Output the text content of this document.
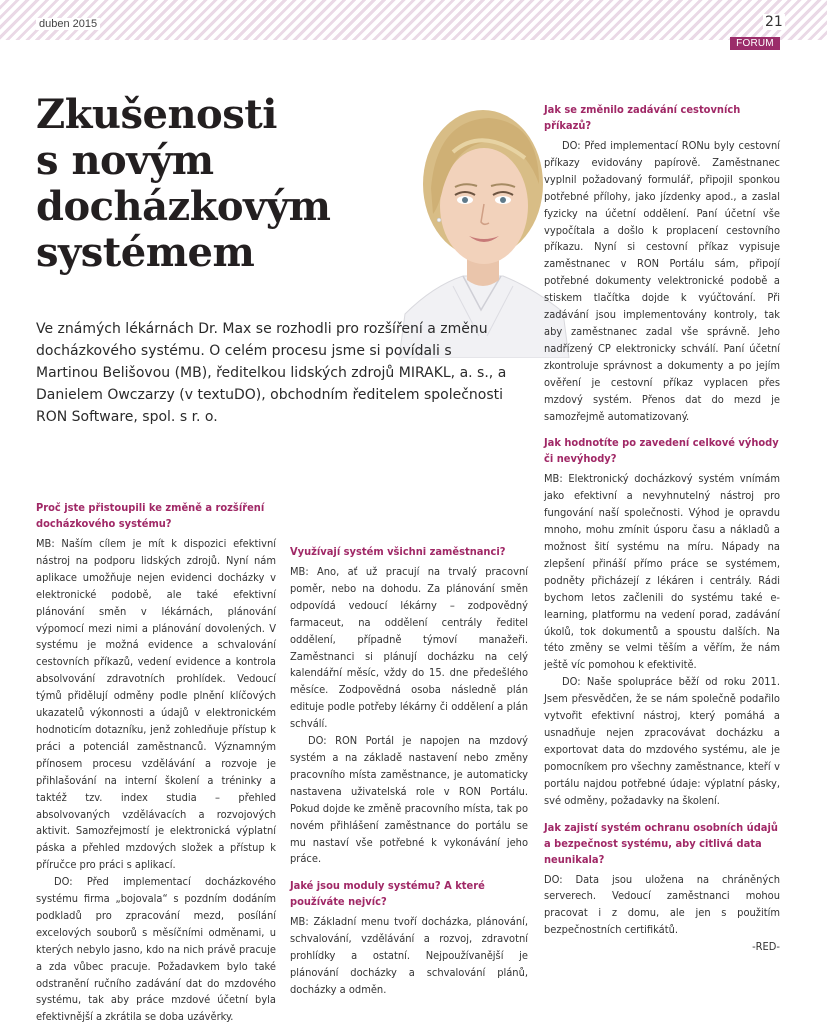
duben 2015	21
FORUM
Zkušenosti
s novým
docházkovým
systémem

Ve známých lékárnách Dr. Max se rozhodli pro rozšíření a změnu docházkového systému. O celém procesu jsme si povídali s Martinou Belišovou (MB), ředitelkou lidských zdrojů MIRAKL, a. s., a Danielem Owczarzy (v textuDO), obchodním ředitelem společnosti RON Software, spol. s r. o.

Proč jste přistoupili ke změně a rozšíření docházkového systému?

MB: Naším cílem je mít k dispozici efektivní nástroj na podporu lidských zdrojů. Nyní nám aplikace umožňuje nejen evidenci docházky v elektronické podobě, ale také efektivní plánování směn v lékárnách, plánování výpomocí mezi nimi a plánování dovolených. V systému je možná evidence a schvalování cestovních příkazů, vedení evidence a kontrola absolvování zdravotních prohlídek. Vedoucí týmů přidělují odměny podle plnění klíčových ukazatelů výkonnosti a údajů v elektronickém hodnoticím dotazníku, jenž zohledňuje přístup k práci a potenciál zaměstnanců. Významným přínosem procesu vzdělávání a rozvoje je přihlašování na interní školení a tréninky a taktéž tzv. index studia – přehled absolvovaných vzdělávacích a rozvojových aktivit. Samozřejmostí je elektronická výplatní páska a přehled mzdových složek a přístup k příručce pro práci s aplikací.

DO: Před implementací docházkového systému firma „bojovala“ s pozdním dodáním podkladů pro zpracování mezd, posílání excelových souborů s měsíčními odměnami, u kterých nebylo jasno, kdo na nich právě pracuje a zda vůbec pracuje. Požadavkem bylo také odstranění ručního zadávání dat do mzdového systému, tak aby práce mzdové účetní byla efektivnější a zkrátila se doba uzávěrky.

Využívají systém všichni zaměstnanci?

MB: Ano, ať už pracují na trvalý pracovní poměr, nebo na dohodu. Za plánování směn odpovídá vedoucí lékárny – zodpovědný farmaceut, na oddělení centrály ředitel oddělení, případně týmoví manažeři. Zaměstnanci si plánují docházku na celý kalendářní měsíc, vždy do 15. dne předešlého měsíce. Zodpovědná osoba následně plán edituje podle potřeby lékárny či oddělení a plán schválí.

DO: RON Portál je napojen na mzdový systém a na základě nastavení nebo změny pracovního místa zaměstnance, je automaticky nastavena uživatelská role v RON Portálu. Pokud dojde ke změně pracovního místa, tak po novém přihlášení zaměstnance do portálu se mu nastaví vše potřebné k vykonávání jeho práce.

Jaké jsou moduly systému? A které používáte nejvíc?

MB: Základní menu tvoří docházka, plánování, schvalování, vzdělávání a rozvoj, zdravotní prohlídky a ostatní. Nejpoužívanější je plánování docházky a schvalování plánů, docházky a odměn.

Jak se změnilo zadávání cestovních příkazů?

DO: Před implementací RONu byly cestovní příkazy evidovány papírově. Zaměstnanec vyplnil požadovaný formulář, připojil sponkou potřebné přílohy, jako jízdenky apod., a zaslal fyzicky na účetní oddělení. Paní účetní vše vypočítala a došlo k proplacení cestovního příkazu. Nyní si cestovní příkaz vypisuje zaměstnanec v RON Portálu sám, připojí potřebné dokumenty velektronické podobě a stiskem tlačítka dojde k vyúčtování. Při zadávání jsou implementovány kontroly, tak aby zaměstnanec zadal vše správně. Jeho nadřízený CP elektronicky schválí. Paní účetní zkontroluje správnost a dokumenty a po jejím ověření je cestovní příkaz vyplacen přes mzdový systém. Přenos dat do mezd je samozřejmě automatizovaný.

Jak hodnotíte po zavedení celkové výhody či nevýhody?

MB: Elektronický docházkový systém vnímám jako efektivní a nevyhnutelný nástroj pro fungování naší společnosti. Výhod je opravdu mnoho, mohu zmínit úsporu času a nákladů a možnost šití systému na míru. Nápady na zlepšení přináší přímo práce se systémem, podněty přicházejí z lékáren i centrály. Rádi bychom letos začlenili do systému také e-learning, platformu na vedení porad, zadávání úkolů, tok dokumentů a spoustu dalších. Na této změny se velmi těším a věřím, že nám ještě víc pomohou k efektivitě.

DO: Naše spolupráce běží od roku 2011. Jsem přesvědčen, že se nám společně podařilo vytvořit efektivní nástroj, který pomáhá a usnadňuje nejen zpracovávat docházku a exportovat data do mzdového systému, ale je pomocníkem pro všechny zaměstnance, kteří v portálu najdou potřebné údaje: výplatní pásky, své odměny, požadavky na školení.

Jak zajistí systém ochranu osobních údajů a bezpečnost systému, aby citlivá data neunikala?

DO: Data jsou uložena na chráněných serverech. Vedoucí zaměstnanci mohou pracovat i z domu, ale jen s použitím bezpečnostních certifikátů.

-RED-
